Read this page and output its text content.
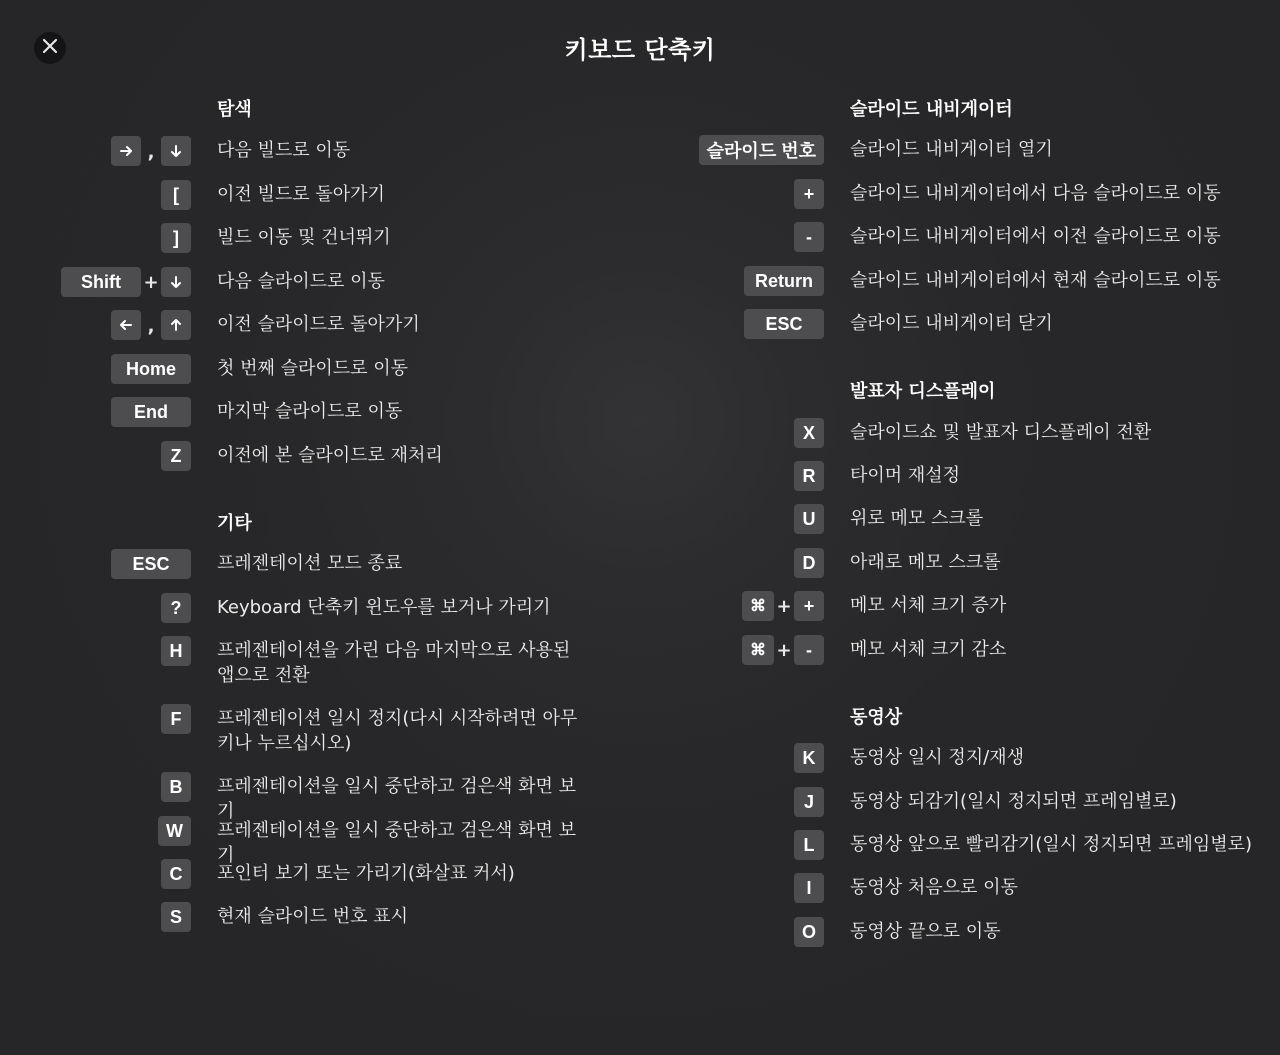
키보드 단축키
탐색
,	다음 빌드로 이동
[	이전 빌드로 돌아가기
]	빌드 이동 및 건너뛰기
Shift	+	다음 슬라이드로 이동
,	이전 슬라이드로 돌아가기
Home	첫 번째 슬라이드로 이동
End	마지막 슬라이드로 이동
Z	이전에 본 슬라이드로 재처리
기타
ESC	프레젠테이션 모드 종료
?	Keyboard 단축키 윈도우를 보거나 가리기
H	프레젠테이션을 가린 다음 마지막으로 사용된 앱으로 전환
F	프레젠테이션 일시 정지(다시 시작하려면 아무 키나 누르십시오)
B	프레젠테이션을 일시 중단하고 검은색 화면 보기
W	프레젠테이션을 일시 중단하고 검은색 화면 보기
C	포인터 보기 또는 가리기(화살표 커서)
S	현재 슬라이드 번호 표시
슬라이드 내비게이터
슬라이드 번호	슬라이드 내비게이터 열기
+	슬라이드 내비게이터에서 다음 슬라이드로 이동
-	슬라이드 내비게이터에서 이전 슬라이드로 이동
Return	슬라이드 내비게이터에서 현재 슬라이드로 이동
ESC	슬라이드 내비게이터 닫기
발표자 디스플레이
X	슬라이드쇼 및 발표자 디스플레이 전환
R	타이머 재설정
U	위로 메모 스크롤
D	아래로 메모 스크롤
⌘ + +	메모 서체 크기 증가
⌘ + -	메모 서체 크기 감소
동영상
K	동영상 일시 정지/재생
J	동영상 되감기(일시 정지되면 프레임별로)
L	동영상 앞으로 빨리감기(일시 정지되면 프레임별로)
I	동영상 처음으로 이동
O	동영상 끝으로 이동
